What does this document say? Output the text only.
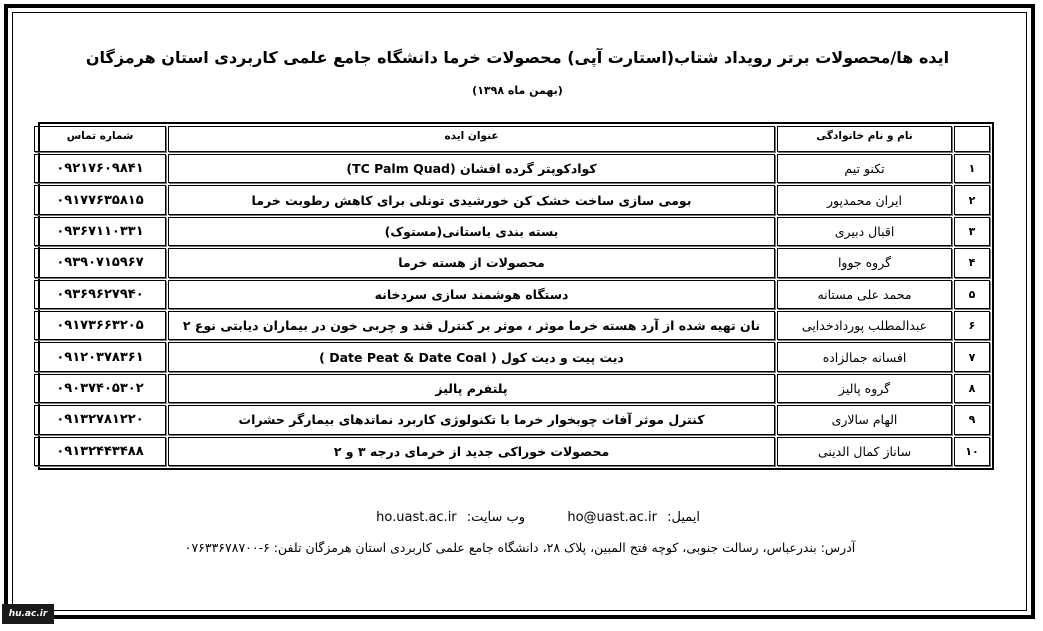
ایده ها/محصولات برتر رویداد شتاب(استارت آپی) محصولات خرما دانشگاه جامع علمی کاربردی استان هرمزگان
(بهمن ماه ۱۳۹۸)
نام و نام خانوادگی
عنوان ایده
شماره تماس
۱
تکنو تیم
کوادکوپتر گرده افشان (TC Palm Quad)
۰۹۲۱۷۶۰۹۸۴۱
۲
ایران محمدپور
بومی سازی ساخت خشک کن خورشیدی تونلی برای کاهش رطوبت خرما
۰۹۱۷۷۶۳۵۸۱۵
۳
اقبال دبیری
بسته بندی باستانی(مستوک)
۰۹۳۶۷۱۱۰۳۳۱
۴
گروه جووا
محصولات از هسته خرما
۰۹۳۹۰۷۱۵۹۶۷
۵
محمد علی مستانه
دستگاه هوشمند سازی سردخانه
۰۹۳۶۹۶۲۷۹۴۰
۶
عبدالمطلب پوردادخدایی
نان تهیه شده از آرد هسته خرما موثر ، موثر بر کنترل قند و چربی خون در بیماران دیابتی نوع ۲
۰۹۱۷۳۶۶۳۲۰۵
۷
افسانه جمالزاده
دیت پیت و دیت کول ( Date Peat & Date Coal )
۰۹۱۲۰۳۷۸۳۶۱
۸
گروه پالیز
پلتفرم پالیز
۰۹۰۳۷۴۰۵۳۰۲
۹
الهام سالاری
کنترل موثر آفات چوبخوار خرما با تکنولوژی کاربرد نماتدهای بیمارگر حشرات
۰۹۱۳۲۷۸۱۲۲۰
۱۰
ساناز کمال الدینی
محصولات خوراکی جدید از خرمای درجه ۳ و ۲
۰۹۱۳۲۴۴۳۴۸۸
ایمیل: ho@uast.ac.ir  وب سایت: ho.uast.ac.ir
آدرس: بندرعباس، رسالت جنوبی، کوچه فتح المبین، پلاک ۲۸، دانشگاه جامع علمی کاربردی استان هرمزگان تلفن: ۶-۰۷۶۳۳۶۷۸۷۰۰
hu.ac.ir
